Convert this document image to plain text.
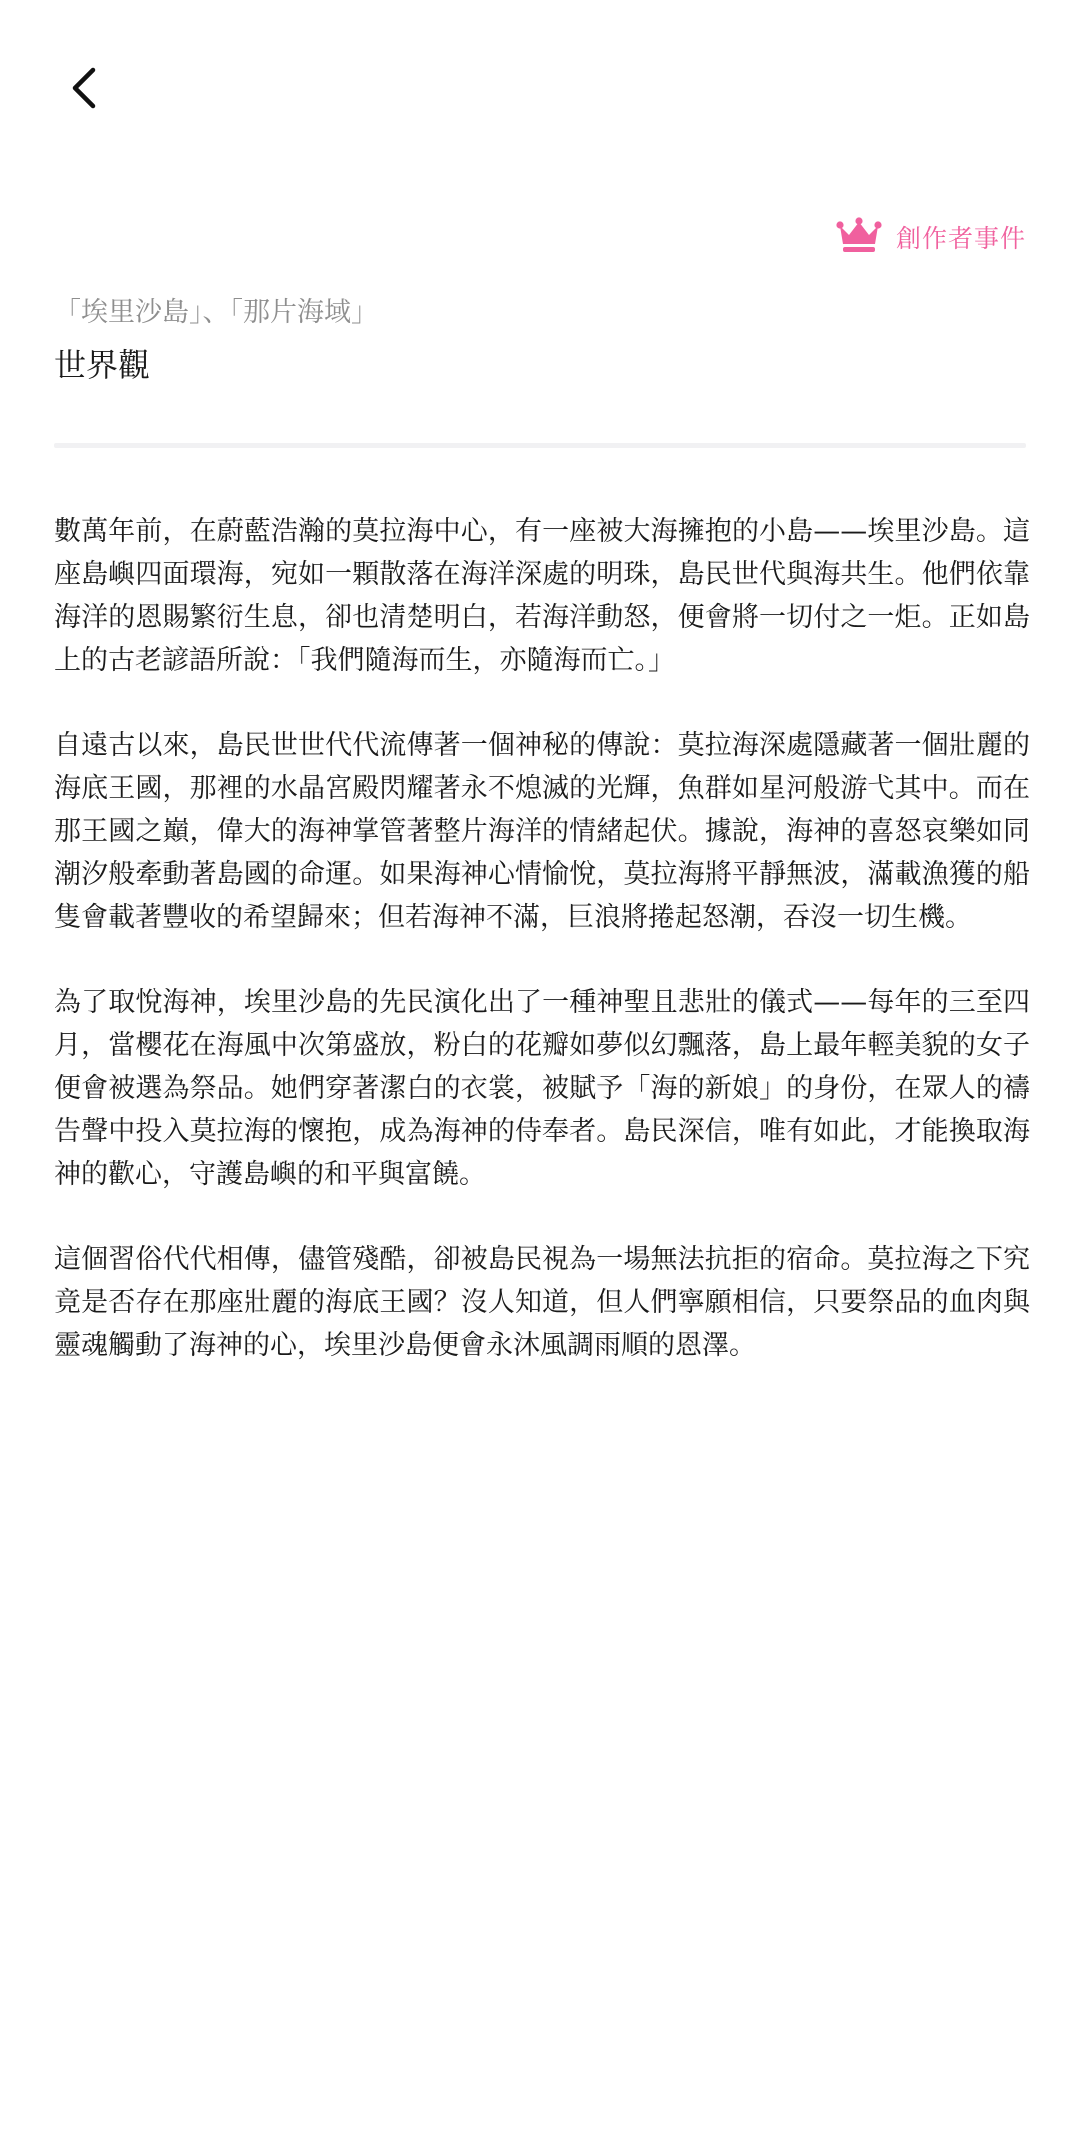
創作者事件
「埃里沙島」、「那片海域」
世界觀

數萬年前，在蔚藍浩瀚的莫拉海中心，有一座被大海擁抱的小島——埃里沙島。這座島嶼四面環海，宛如一顆散落在海洋深處的明珠，島民世代與海共生。他們依靠海洋的恩賜繁衍生息，卻也清楚明白，若海洋動怒，便會將一切付之一炬。正如島上的古老諺語所說：「我們隨海而生，亦隨海而亡。」

自遠古以來，島民世世代代流傳著一個神秘的傳說：莫拉海深處隱藏著一個壯麗的海底王國，那裡的水晶宮殿閃耀著永不熄滅的光輝，魚群如星河般游弋其中。而在那王國之巔，偉大的海神掌管著整片海洋的情緒起伏。據說，海神的喜怒哀樂如同潮汐般牽動著島國的命運。如果海神心情愉悅，莫拉海將平靜無波，滿載漁獲的船隻會載著豐收的希望歸來；但若海神不滿，巨浪將捲起怒潮，吞沒一切生機。

為了取悅海神，埃里沙島的先民演化出了一種神聖且悲壯的儀式——每年的三至四月，當櫻花在海風中次第盛放，粉白的花瓣如夢似幻飄落，島上最年輕美貌的女子便會被選為祭品。她們穿著潔白的衣裳，被賦予「海的新娘」的身份，在眾人的禱告聲中投入莫拉海的懷抱，成為海神的侍奉者。島民深信，唯有如此，才能換取海神的歡心，守護島嶼的和平與富饒。

這個習俗代代相傳，儘管殘酷，卻被島民視為一場無法抗拒的宿命。莫拉海之下究竟是否存在那座壯麗的海底王國？沒人知道，但人們寧願相信，只要祭品的血肉與靈魂觸動了海神的心，埃里沙島便會永沐風調雨順的恩澤。
